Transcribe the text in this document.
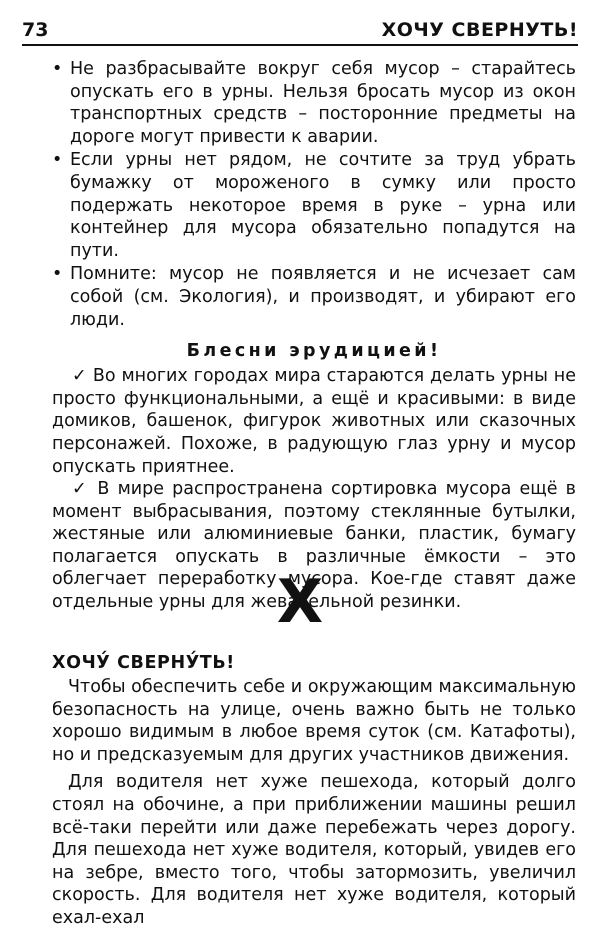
73	ХОЧУ СВЕРНУТЬ!
• Не разбрасывайте вокруг себя мусор – старайтесь опускать его в урны. Нельзя бросать мусор из окон транспортных средств – посторонние предметы на дороге могут привести к аварии.
• Если урны нет рядом, не сочтите за труд убрать бумажку от мороженого в сумку или просто подержать некоторое время в руке – урна или контейнер для мусора обязательно попадутся на пути.
• Помните: мусор не появляется и не исчезает сам собой (см. Экология), и производят, и убирают его люди.
Блесни эрудицией!

✓ Во многих городах мира стараются делать урны не просто функциональными, а ещё и красивыми: в виде домиков, башенок, фигурок животных или сказочных персонажей. Похоже, в радующую глаз урну и мусор опускать приятнее.

✓ В мире распространена сортировка мусора ещё в момент выбрасывания, поэтому стеклянные бутылки, жестяные или алюминиевые банки, пластик, бумагу полагается опускать в различные ёмкости – это облегчает переработку мусора. Кое-где ставят даже отдельные урны для жевательной резинки.

Х
ХОЧУ́ СВЕРНУ́ТЬ!

Чтобы обеспечить себе и окружающим максимальную безопасность на улице, очень важно быть не только хорошо видимым в любое время суток (см. Катафоты), но и предсказуемым для других участников движения.

Для водителя нет хуже пешехода, который долго стоял на обочине, а при приближении машины решил всё-таки перейти или даже перебежать через дорогу. Для пешехода нет хуже водителя, который, увидев его на зебре, вместо того, чтобы затормозить, увеличил скорость. Для водителя нет хуже водителя, который ехал-ехал
